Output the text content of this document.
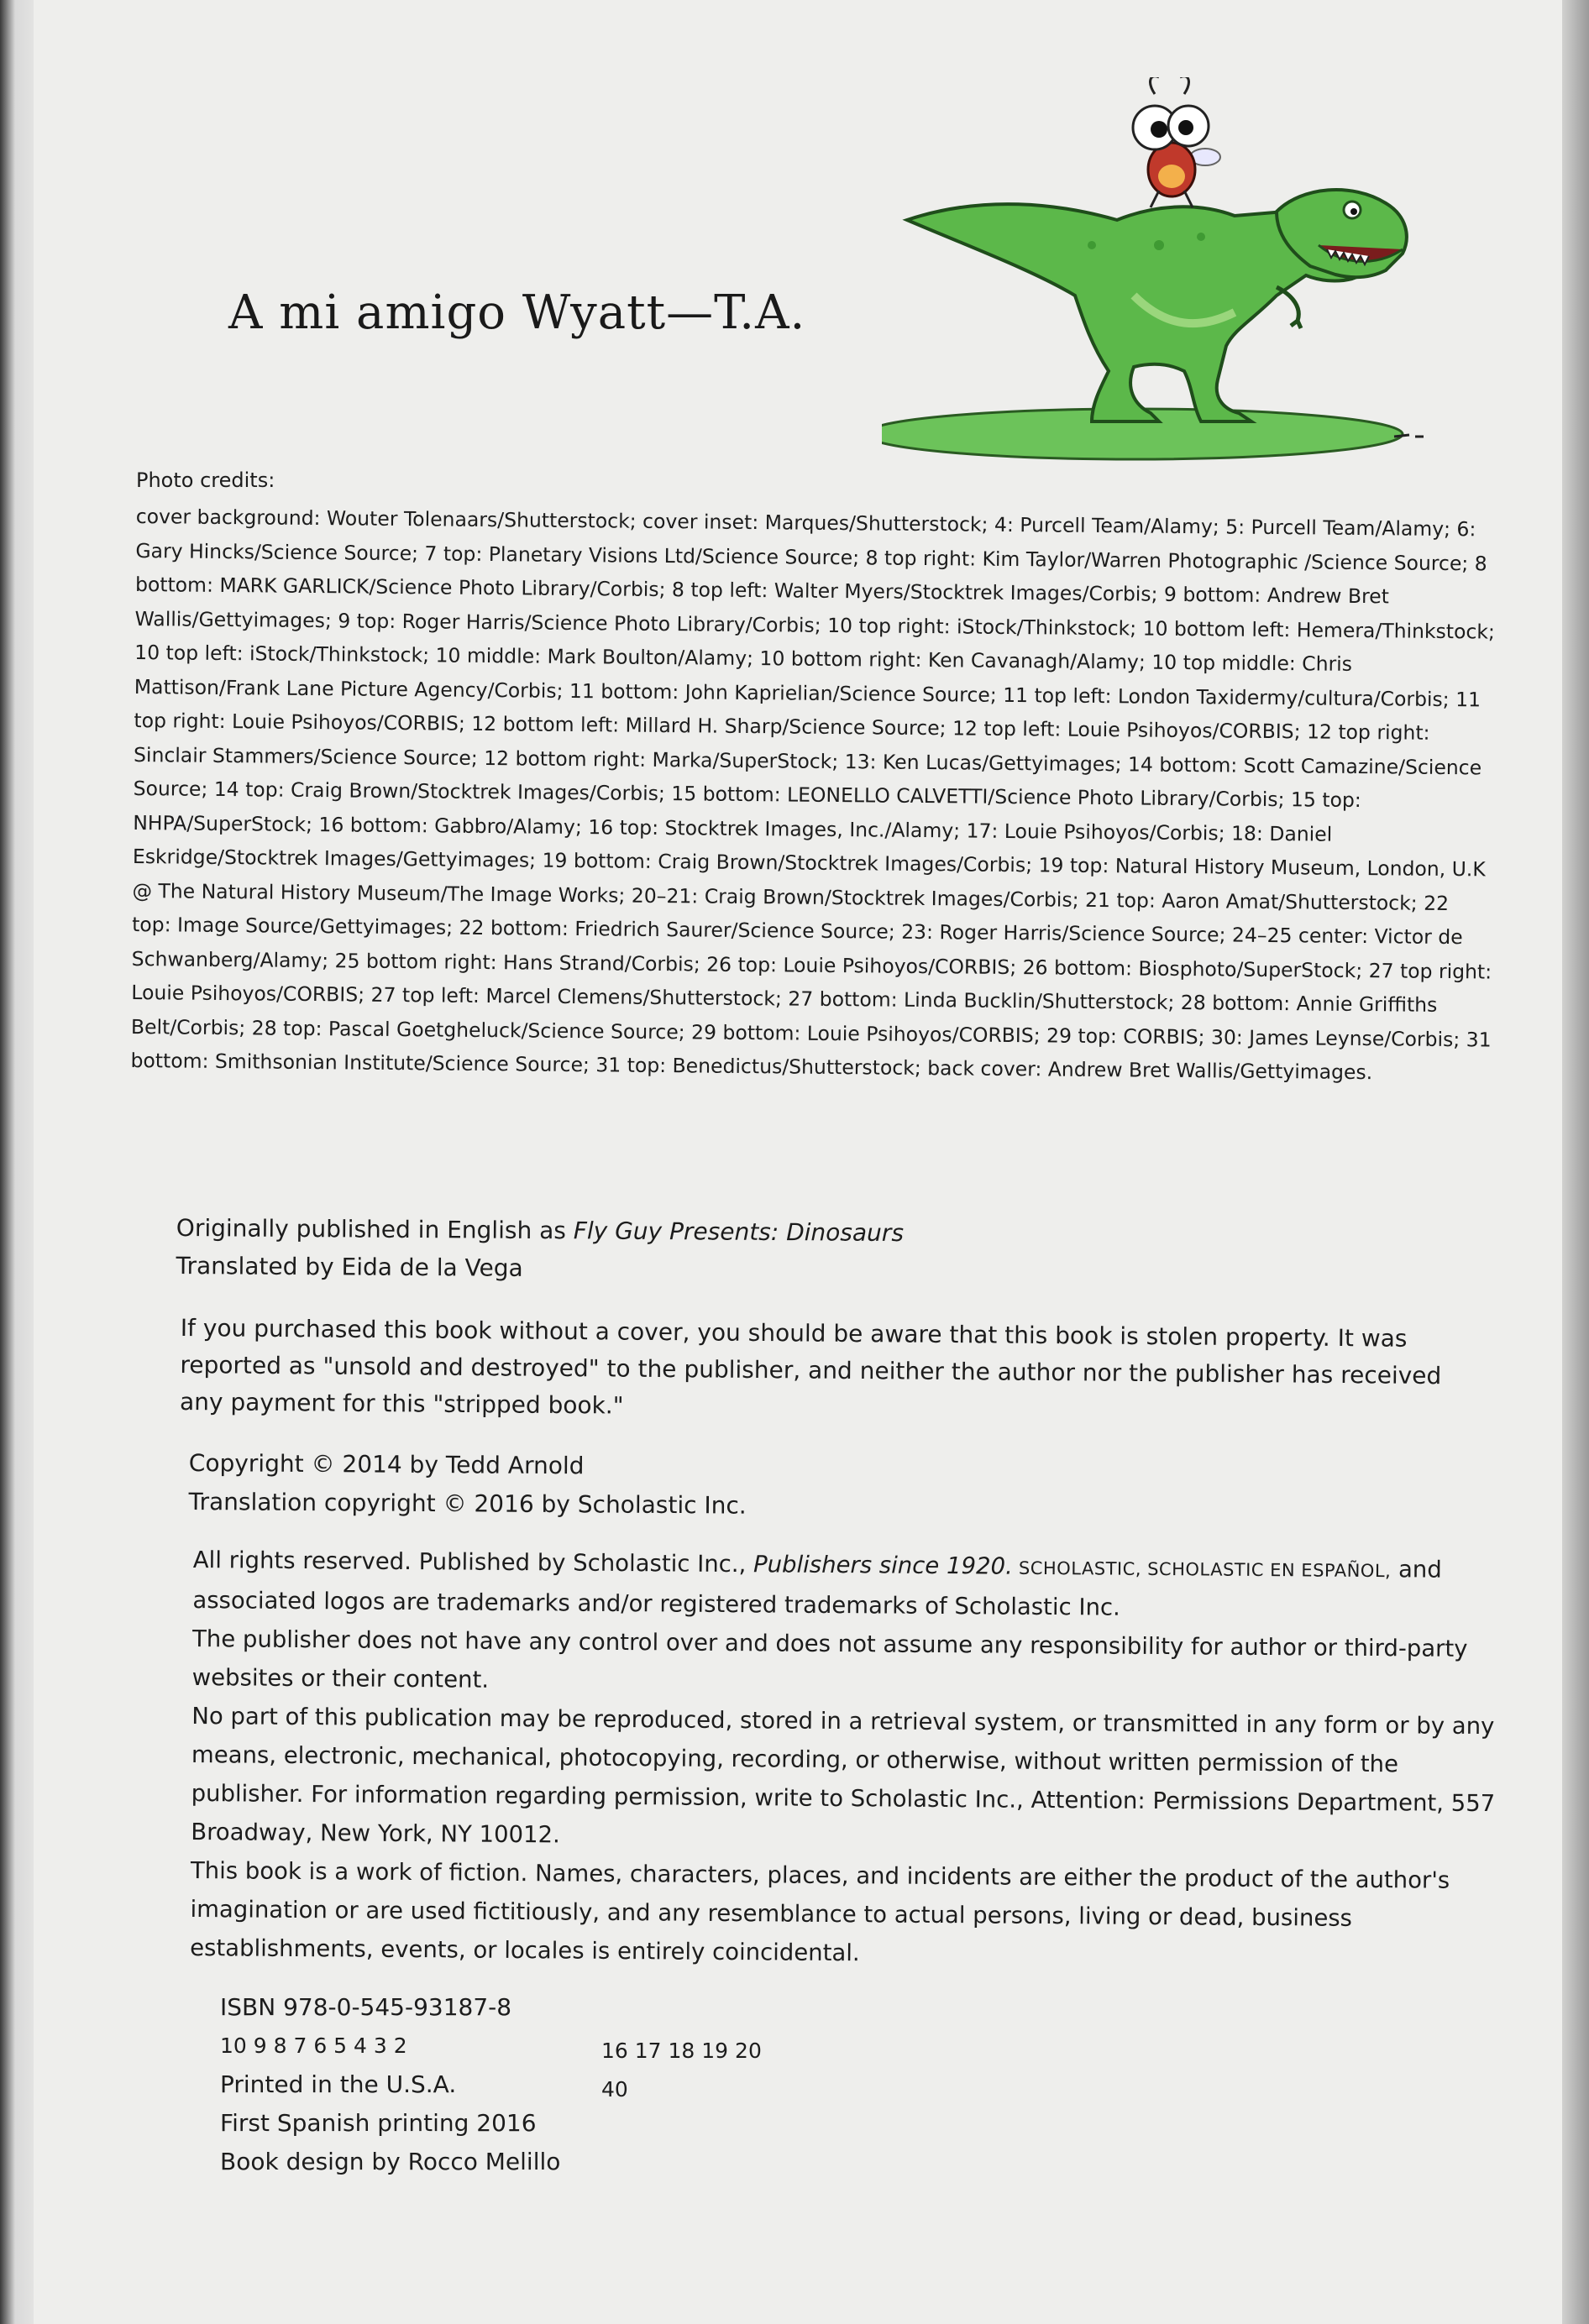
A mi amigo Wyatt—T.A.
Photo credits:
cover background: Wouter Tolenaars/Shutterstock; cover inset: Marques/Shutterstock; 4: Purcell Team/Alamy; 5: Purcell Team/Alamy; 6: Gary Hincks/Science Source; 7 top: Planetary Visions Ltd/Science Source; 8 top right: Kim Taylor/Warren Photographic /Science Source; 8 bottom: MARK GARLICK/Science Photo Library/Corbis; 8 top left: Walter Myers/Stocktrek Images/Corbis; 9 bottom: Andrew Bret Wallis/Gettyimages; 9 top: Roger Harris/Science Photo Library/Corbis; 10 top right: iStock/Thinkstock; 10 bottom left: Hemera/Thinkstock; 10 top left: iStock/Thinkstock; 10 middle: Mark Boulton/Alamy; 10 bottom right: Ken Cavanagh/Alamy; 10 top middle: Chris Mattison/Frank Lane Picture Agency/Corbis; 11 bottom: John Kaprielian/Science Source; 11 top left: London Taxidermy/cultura/Corbis; 11 top right: Louie Psihoyos/CORBIS; 12 bottom left: Millard H. Sharp/Science Source; 12 top left: Louie Psihoyos/CORBIS; 12 top right: Sinclair Stammers/Science Source; 12 bottom right: Marka/SuperStock; 13: Ken Lucas/Gettyimages; 14 bottom: Scott Camazine/Science Source; 14 top: Craig Brown/Stocktrek Images/Corbis; 15 bottom: LEONELLO CALVETTI/Science Photo Library/Corbis; 15 top: NHPA/SuperStock; 16 bottom: Gabbro/Alamy; 16 top: Stocktrek Images, Inc./Alamy; 17: Louie Psihoyos/Corbis; 18: Daniel Eskridge/Stocktrek Images/Gettyimages; 19 bottom: Craig Brown/Stocktrek Images/Corbis; 19 top: Natural History Museum, London, U.K @ The Natural History Museum/The Image Works; 20–21: Craig Brown/Stocktrek Images/Corbis; 21 top: Aaron Amat/Shutterstock; 22 top: Image Source/Gettyimages; 22 bottom: Friedrich Saurer/Science Source; 23: Roger Harris/Science Source; 24–25 center: Victor de Schwanberg/Alamy; 25 bottom right: Hans Strand/Corbis; 26 top: Louie Psihoyos/CORBIS; 26 bottom: Biosphoto/SuperStock; 27 top right: Louie Psihoyos/CORBIS; 27 top left: Marcel Clemens/Shutterstock; 27 bottom: Linda Bucklin/Shutterstock; 28 bottom: Annie Griffiths Belt/Corbis; 28 top: Pascal Goetgheluck/Science Source; 29 bottom: Louie Psihoyos/CORBIS; 29 top: CORBIS; 30: James Leynse/Corbis; 31 bottom: Smithsonian Institute/Science Source; 31 top: Benedictus/Shutterstock; back cover: Andrew Bret Wallis/Gettyimages.
Originally published in English as Fly Guy Presents: Dinosaurs
Translated by Eida de la Vega
If you purchased this book without a cover, you should be aware that this book is stolen property. It was reported as "unsold and destroyed" to the publisher, and neither the author nor the publisher has received any payment for this "stripped book."
Copyright © 2014 by Tedd Arnold
Translation copyright © 2016 by Scholastic Inc.

All rights reserved. Published by Scholastic Inc., Publishers since 1920. SCHOLASTIC, SCHOLASTIC EN ESPAÑOL, and associated logos are trademarks and/or registered trademarks of Scholastic Inc.

The publisher does not have any control over and does not assume any responsibility for author or third-party websites or their content.

No part of this publication may be reproduced, stored in a retrieval system, or transmitted in any form or by any means, electronic, mechanical, photocopying, recording, or otherwise, without written permission of the publisher. For information regarding permission, write to Scholastic Inc., Attention: Permissions Department, 557 Broadway, New York, NY 10012.

This book is a work of fiction. Names, characters, places, and incidents are either the product of the author's imagination or are used fictitiously, and any resemblance to actual persons, living or dead, business establishments, events, or locales is entirely coincidental.

ISBN 978-0-545-93187-8
10 9 8 7 6 5 4 3 2
Printed in the U.S.A.
First Spanish printing 2016
Book design by Rocco Melillo
16 17 18 19 20
40
